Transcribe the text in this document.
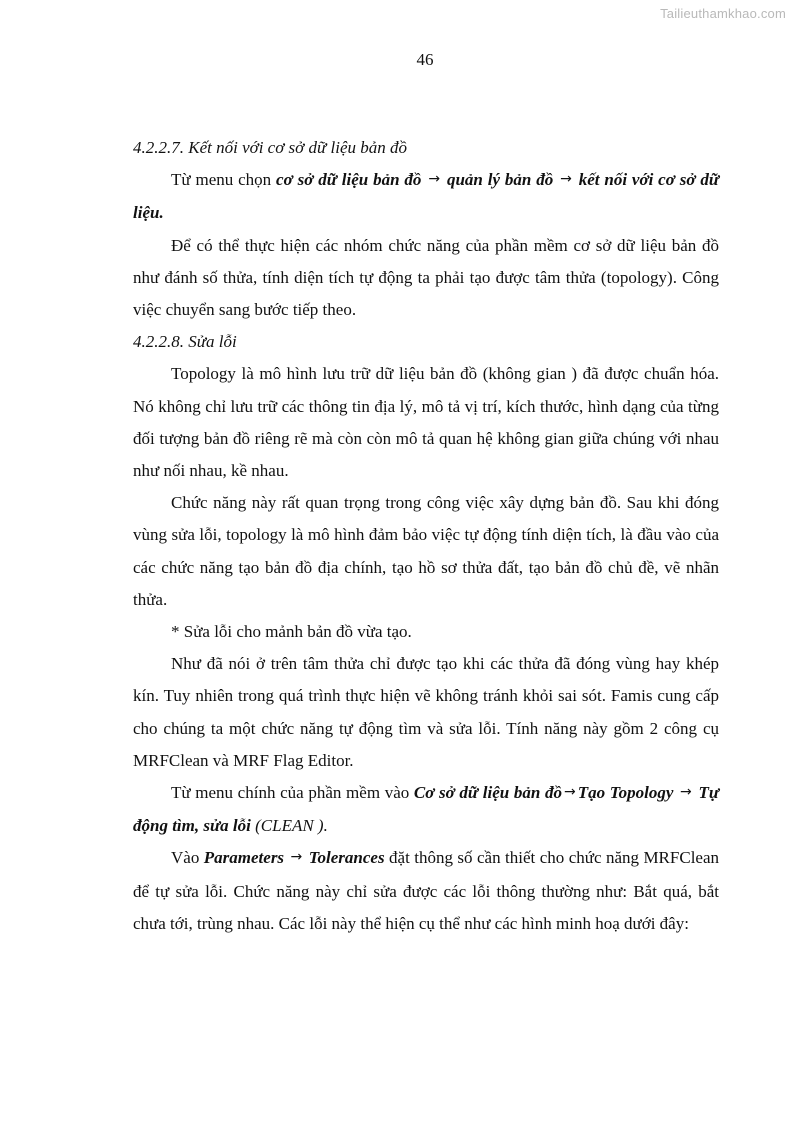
Tailieuthamkhao.com
46

4.2.2.7. Kết nối với cơ sở dữ liệu bản đồ

Từ menu chọn cơ sở dữ liệu bản đồ → quản lý bản đồ → kết nối với cơ sở dữ liệu.

Để có thể thực hiện các nhóm chức năng của phần mềm cơ sở dữ liệu bản đồ như đánh số thửa, tính diện tích tự động ta phải tạo được tâm thửa (topology). Công việc chuyển sang bước tiếp theo.

4.2.2.8. Sửa lỗi

Topology là mô hình lưu trữ dữ liệu bản đồ (không gian ) đã được chuẩn hóa. Nó không chỉ lưu trữ các thông tin địa lý, mô tả vị trí, kích thước, hình dạng của từng đối tượng bản đồ riêng rẽ mà còn còn mô tả quan hệ không gian giữa chúng với nhau như nối nhau, kề nhau.

Chức năng này rất quan trọng trong công việc xây dựng bản đồ. Sau khi đóng vùng sửa lỗi, topology là mô hình đảm bảo việc tự động tính diện tích, là đầu vào của các chức năng tạo bản đồ địa chính, tạo hồ sơ thửa đất, tạo bản đồ chủ đề, vẽ nhãn thửa.

* Sửa lỗi cho mảnh bản đồ vừa tạo.

Như đã nói ở trên tâm thửa chỉ được tạo khi các thửa đã đóng vùng hay khép kín. Tuy nhiên trong quá trình thực hiện vẽ không tránh khỏi sai sót. Famis cung cấp cho chúng ta một chức năng tự động tìm và sửa lỗi. Tính năng này gồm 2 công cụ MRFClean và MRF Flag Editor.

Từ menu chính của phần mềm vào Cơ sở dữ liệu bản đồ → Tạo Topology → Tự động tìm, sửa lỗi (CLEAN ).

Vào Parameters → Tolerances đặt thông số cần thiết cho chức năng MRFClean để tự sửa lỗi. Chức năng này chỉ sửa được các lỗi thông thường như: Bắt quá, bắt chưa tới, trùng nhau. Các lỗi này thể hiện cụ thể như các hình minh hoạ dưới đây:
